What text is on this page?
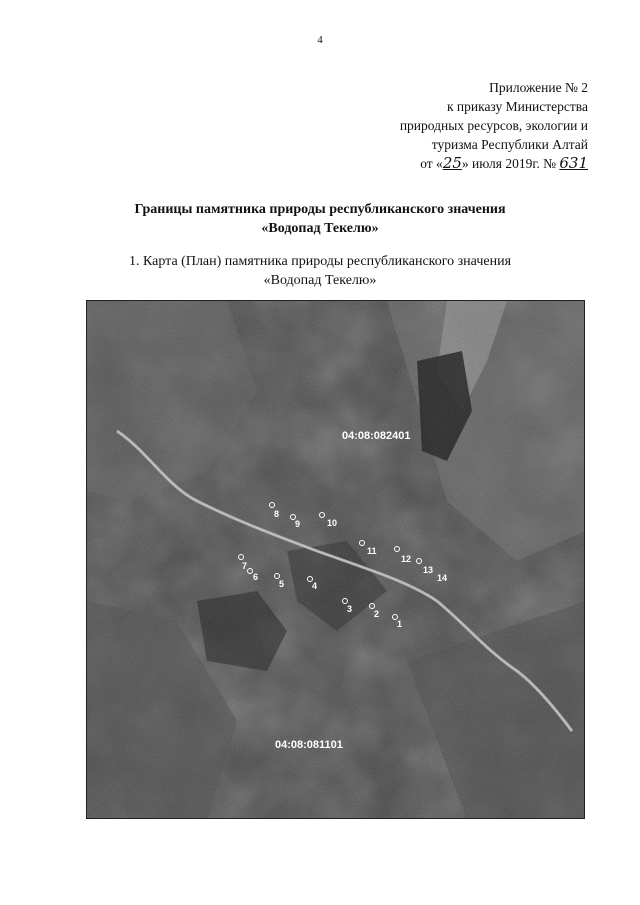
4
Приложение № 2
к приказу Министерства
природных ресурсов, экологии и
туризма Республики Алтай
от «25» июля 2019г. № 631
Границы памятника природы республиканского значения
«Водопад Текелю»
1. Карта (План) памятника природы республиканского значения
«Водопад Текелю»
04:08:082401
04:08:081101
1
2
3
4
5
6
7
8
9	10
11
12
13
14
